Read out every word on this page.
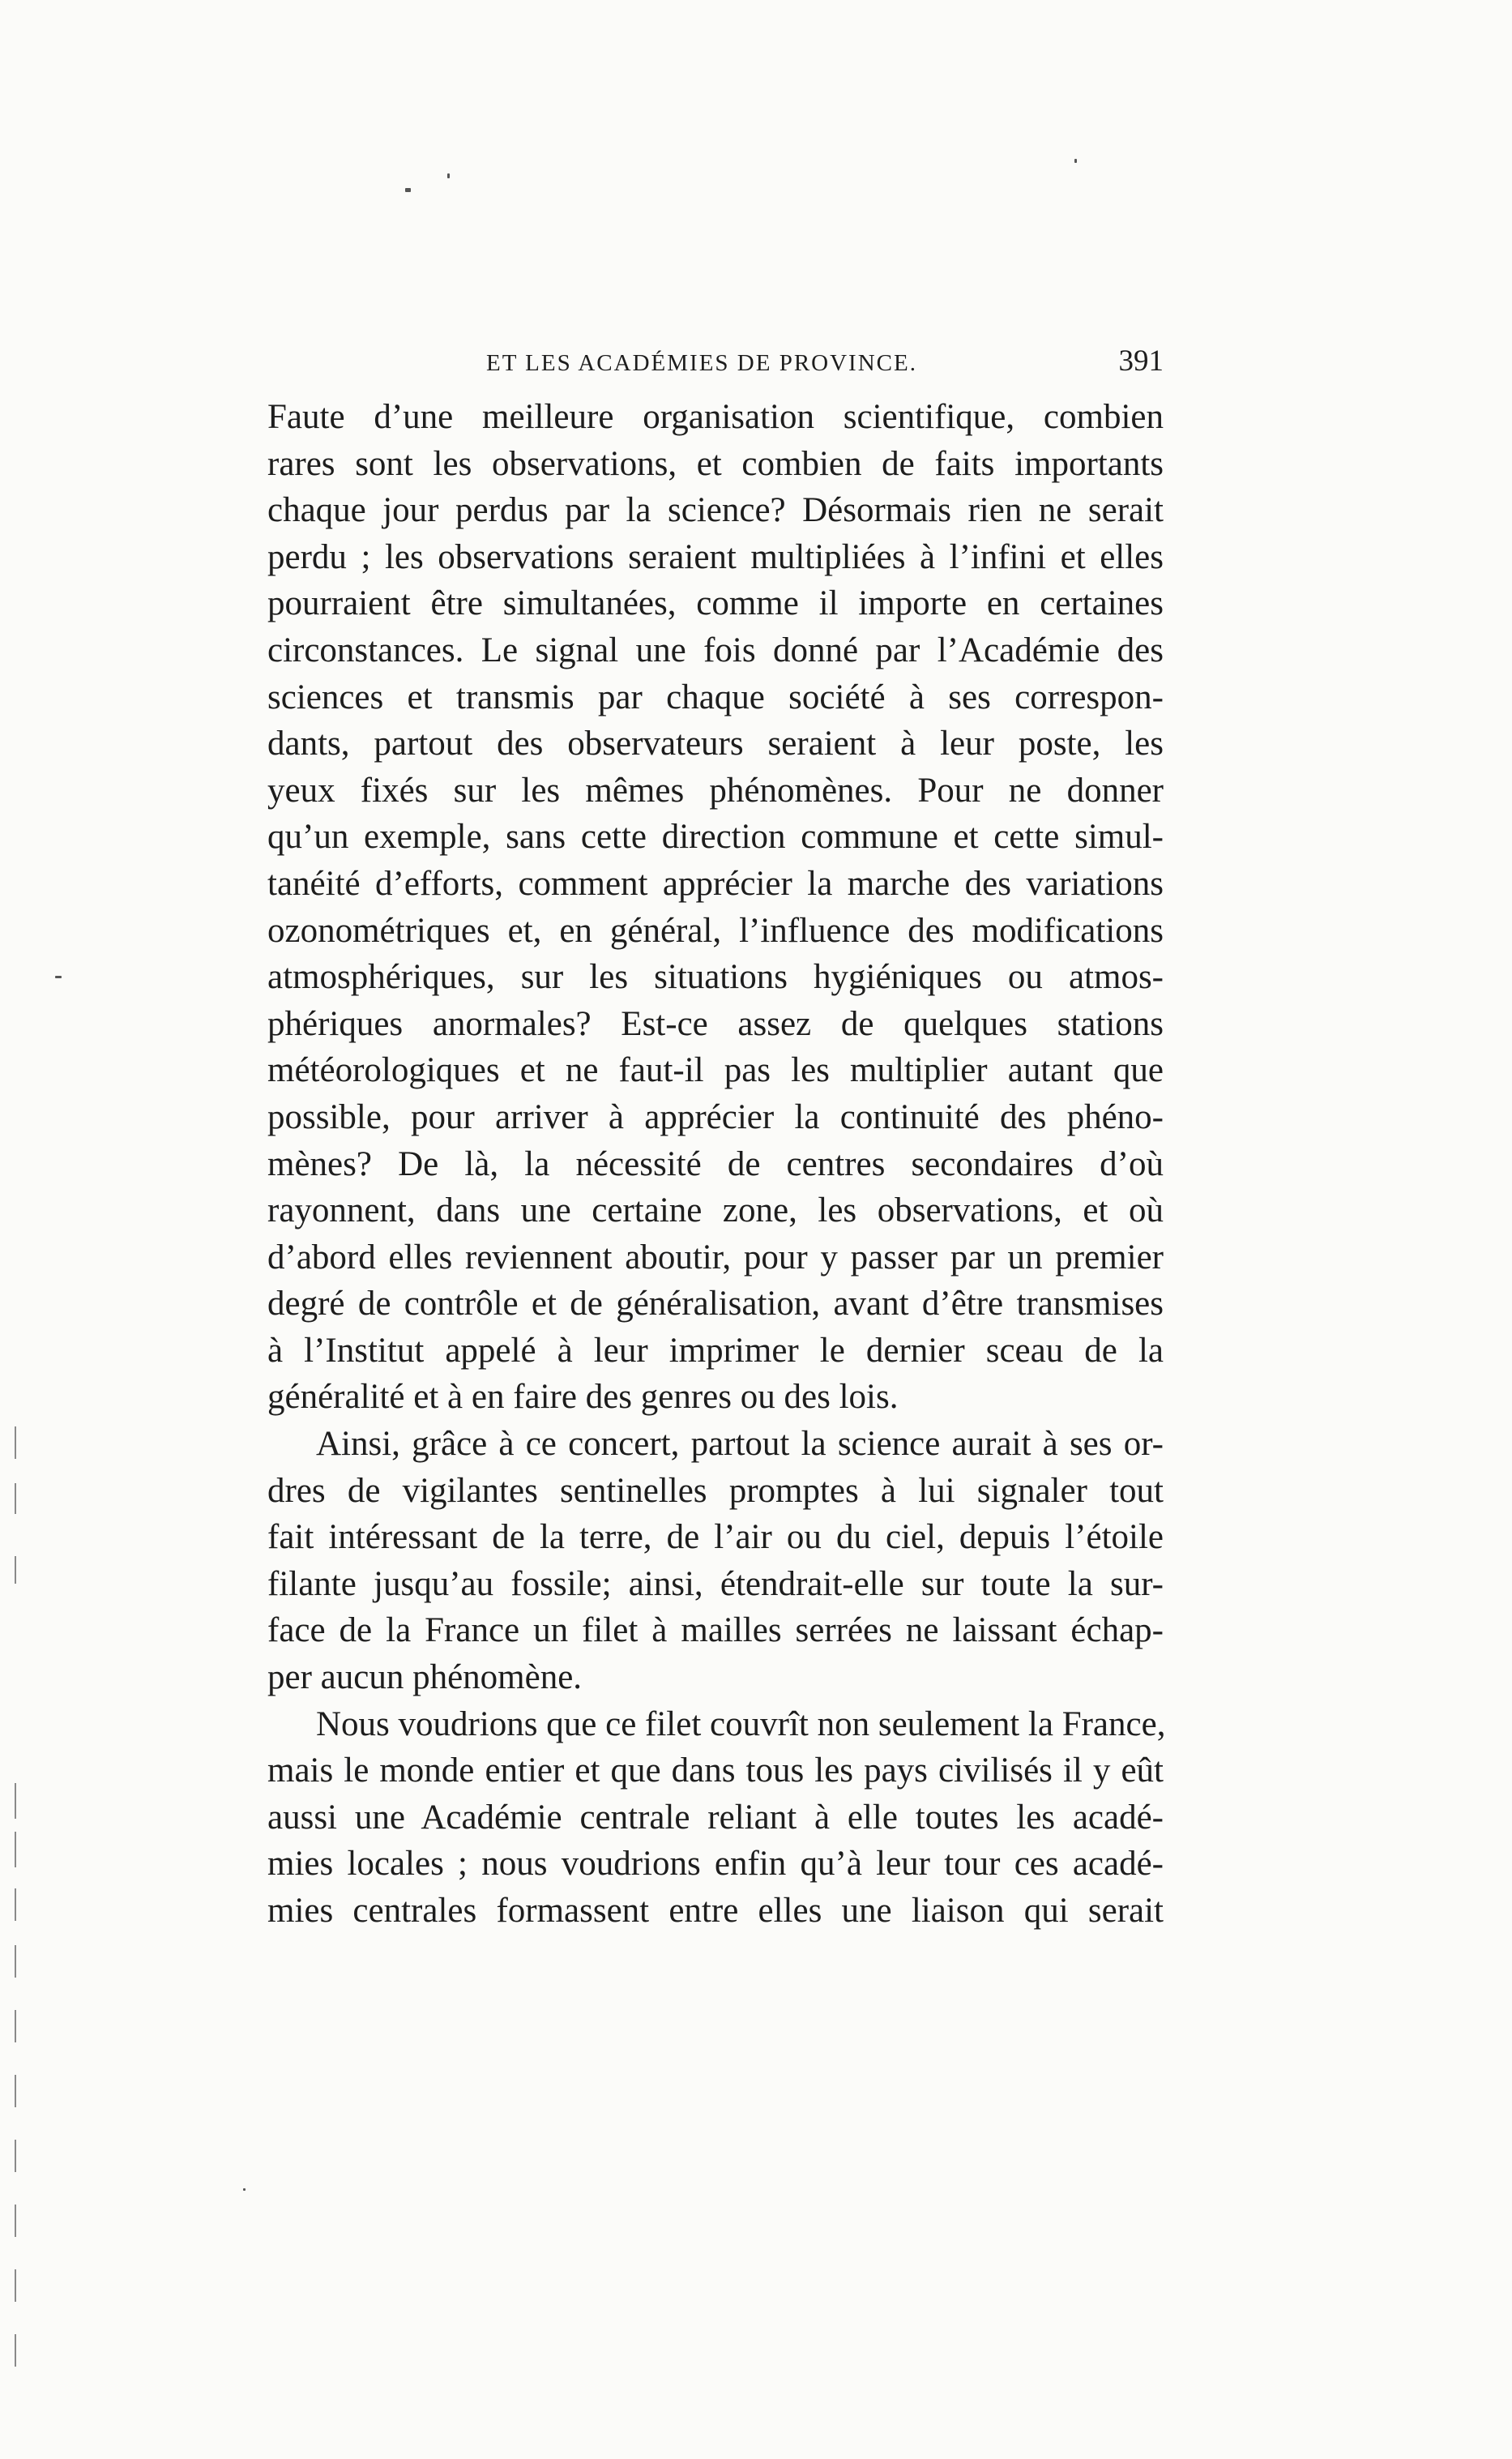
ET LES ACADÉMIES DE PROVINCE.	391
Faute d’une meilleure organisation scientifique, combien
rares sont les observations, et combien de faits importants
chaque jour perdus par la science? Désormais rien ne serait
perdu ; les observations seraient multipliées à l’infini et elles
pourraient être simultanées, comme il importe en certaines
circonstances. Le signal une fois donné par l’Académie des
sciences et transmis par chaque société à ses correspon-
dants, partout des observateurs seraient à leur poste, les
yeux fixés sur les mêmes phénomènes. Pour ne donner
qu’un exemple, sans cette direction commune et cette simul-
tanéité d’efforts, comment apprécier la marche des variations
ozonométriques et, en général, l’influence des modifications
atmosphériques, sur les situations hygiéniques ou atmos-
phériques anormales? Est-ce assez de quelques stations
météorologiques et ne faut-il pas les multiplier autant que
possible, pour arriver à apprécier la continuité des phéno-
mènes? De là, la nécessité de centres secondaires d’où
rayonnent, dans une certaine zone, les observations, et où
d’abord elles reviennent aboutir, pour y passer par un premier
degré de contrôle et de généralisation, avant d’être transmises
à l’Institut appelé à leur imprimer le dernier sceau de la
généralité et à en faire des genres ou des lois.
Ainsi, grâce à ce concert, partout la science aurait à ses or-
dres de vigilantes sentinelles promptes à lui signaler tout
fait intéressant de la terre, de l’air ou du ciel, depuis l’étoile
filante jusqu’au fossile; ainsi, étendrait-elle sur toute la sur-
face de la France un filet à mailles serrées ne laissant échap-
per aucun phénomène.
Nous voudrions que ce filet couvrît non seulement la France,
mais le monde entier et que dans tous les pays civilisés il y eût
aussi une Académie centrale reliant à elle toutes les acadé-
mies locales ; nous voudrions enfin qu’à leur tour ces acadé-
mies centrales formassent entre elles une liaison qui serait
